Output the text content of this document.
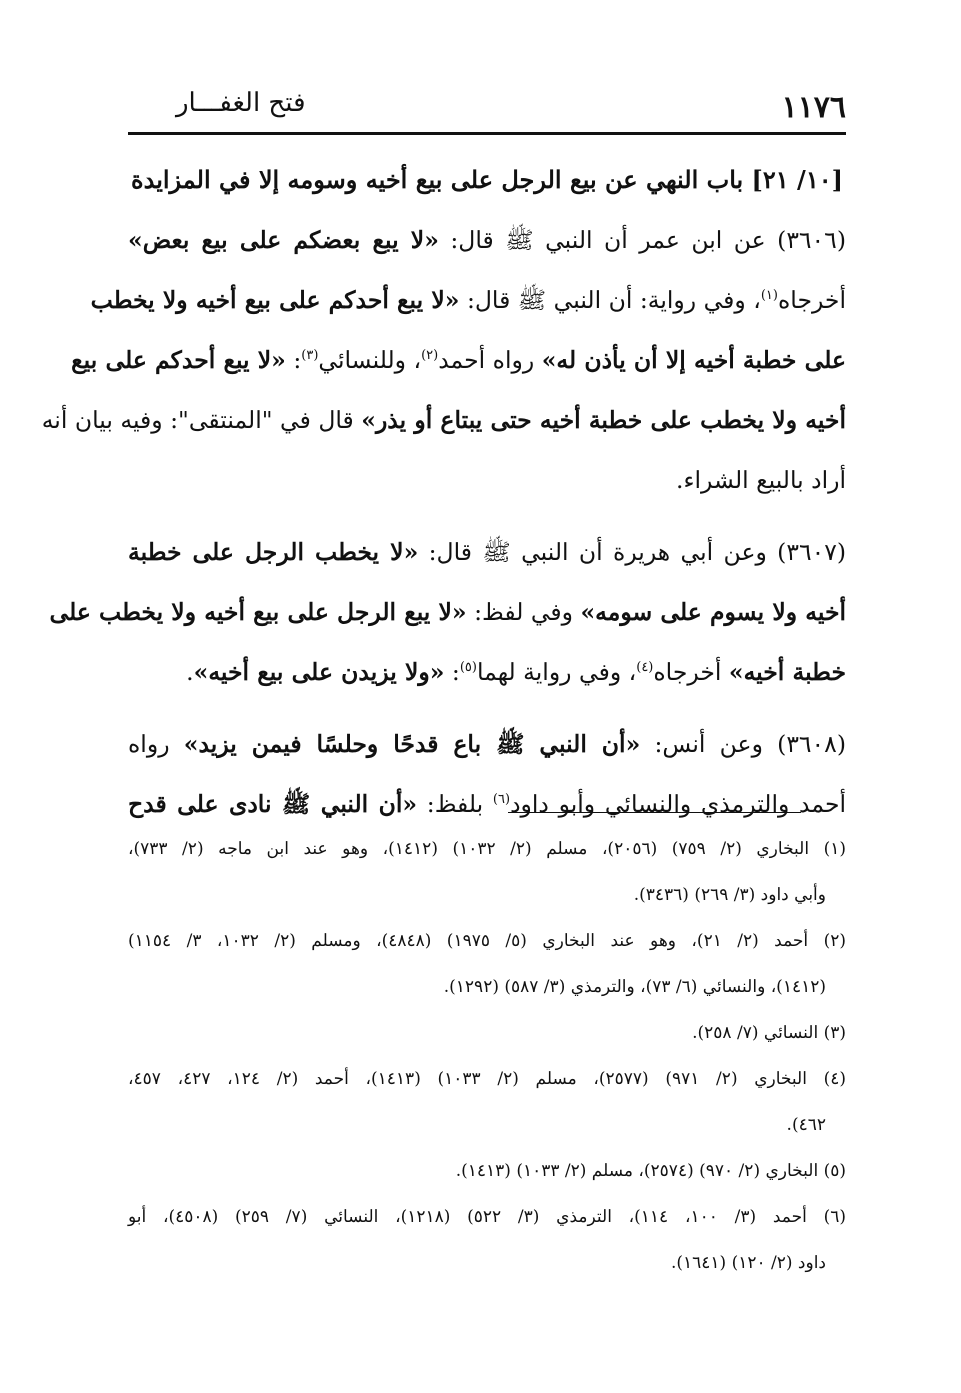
١١٧٦
فتح الغفـــار
[١٠/ ٢١] باب النهي عن بيع الرجل على بيع أخيه وسومه إلا في المزايدة
(٣٦٠٦) عن ابن عمر أن النبي ﷺ قال: «لا يبع بعضكم على بيع بعض»
أخرجاه$^{(١)}$، وفي رواية: أن النبي ﷺ قال: «لا يبع أحدكم على بيع أخيه ولا يخطب
على خطبة أخيه إلا أن يأذن له» رواه أحمد$^{(٢)}$، وللنسائي$^{(٣)}$: «لا يبع أحدكم على بيع
أخيه ولا يخطب على خطبة أخيه حتى يبتاع أو يذر» قال في "المنتقى": وفيه بيان أنه
أراد بالبيع الشراء.
(٣٦٠٧) وعن أبي هريرة أن النبي ﷺ قال: «لا يخطب الرجل على خطبة
أخيه ولا يسوم على سومه» وفي لفظ: «لا يبع الرجل على بيع أخيه ولا يخطب على
خطبة أخيه» أخرجاه$^{(٤)}$، وفي رواية لهما$^{(٥)}$: «ولا يزيدن على بيع أخيه».
(٣٦٠٨) وعن أنس: «أن النبي ﷺ باع قدحًا وحلسًا فيمن يزيد» رواه
أحمد والترمذي والنسائي وأبو داود$^{(٦)}$ بلفظ: «أن النبي ﷺ نادى على قدح
(١) البخاري (٢/ ٧٥٩) (٢٠٥٦)، مسلم (٢/ ١٠٣٢) (١٤١٢)، وهو عند ابن ماجه (٢/ ٧٣٣)،
وأبي داود (٣/ ٢٦٩) (٣٤٣٦).
(٢) أحمد (٢/ ٢١)، وهو عند البخاري (٥/ ١٩٧٥) (٤٨٤٨)، ومسلم (٢/ ١٠٣٢، ٣/ ١١٥٤)
(١٤١٢)، والنسائي (٦/ ٧٣)، والترمذي (٣/ ٥٨٧) (١٢٩٢).
(٣) النسائي (٧/ ٢٥٨).
(٤) البخاري (٢/ ٩٧١) (٢٥٧٧)، مسلم (٢/ ١٠٣٣) (١٤١٣)، أحمد (٢/ ١٢٤، ٤٢٧، ٤٥٧،
٤٦٢).
(٥) البخاري (٢/ ٩٧٠) (٢٥٧٤)، مسلم (٢/ ١٠٣٣) (١٤١٣).
(٦) أحمد (٣/ ١٠٠، ١١٤)، الترمذي (٣/ ٥٢٢) (١٢١٨)، النسائي (٧/ ٢٥٩) (٤٥٠٨)، أبو
داود (٢/ ١٢٠) (١٦٤١).
